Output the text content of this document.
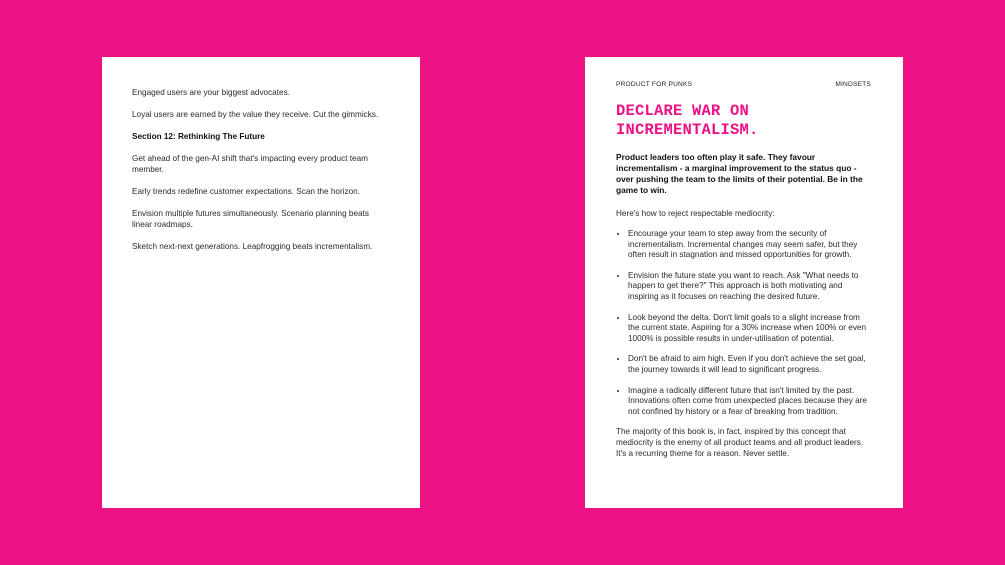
Engaged users are your biggest advocates.

Loyal users are earned by the value they receive. Cut the gimmicks.

Section 12: Rethinking The Future

Get ahead of the gen-AI shift that's impacting every product team member.

Early trends redefine customer expectations. Scan the horizon.

Envision multiple futures simultaneously. Scenario planning beats linear roadmaps.

Sketch next-next generations. Leapfrogging beats incrementalism.

PRODUCT FOR PUNKS	MINDSETS
DECLARE WAR ON
INCREMENTALISM.

Product leaders too often play it safe. They favour incrementalism - a marginal improvement to the status quo - over pushing the team to the limits of their potential. Be in the game to win.

Here's how to reject respectable mediocrity:

• Encourage your team to step away from the security of incrementalism. Incremental changes may seem safer, but they often result in stagnation and missed opportunities for growth.
• Envision the future state you want to reach. Ask "What needs to happen to get there?" This approach is both motivating and inspiring as it focuses on reaching the desired future.
• Look beyond the delta. Don't limit goals to a slight increase from the current state. Aspiring for a 30% increase when 100% or even 1000% is possible results in under-utilisation of potential.
• Don't be afraid to aim high. Even if you don't achieve the set goal, the journey towards it will lead to significant progress.
• Imagine a radically different future that isn't limited by the past. Innovations often come from unexpected places because they are not confined by history or a fear of breaking from tradition.

The majority of this book is, in fact, inspired by this concept that mediocrity is the enemy of all product teams and all product leaders. It's a recurring theme for a reason. Never settle.
